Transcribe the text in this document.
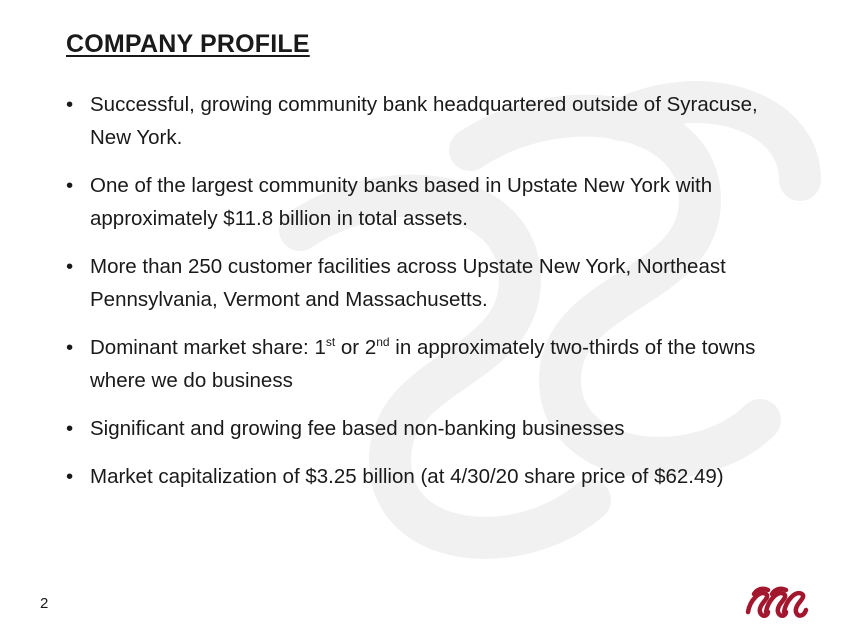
COMPANY PROFILE
• Successful, growing community bank headquartered outside of Syracuse, New York.
• One of the largest community banks based in Upstate New York with approximately $11.8 billion in total assets.
• More than 250 customer facilities across Upstate New York, Northeast Pennsylvania, Vermont and Massachusetts.
• Dominant market share: 1st or 2nd in approximately two-thirds of the towns where we do business
• Significant and growing fee based non-banking businesses
• Market capitalization of $3.25 billion (at 4/30/20 share price of $62.49)
2
